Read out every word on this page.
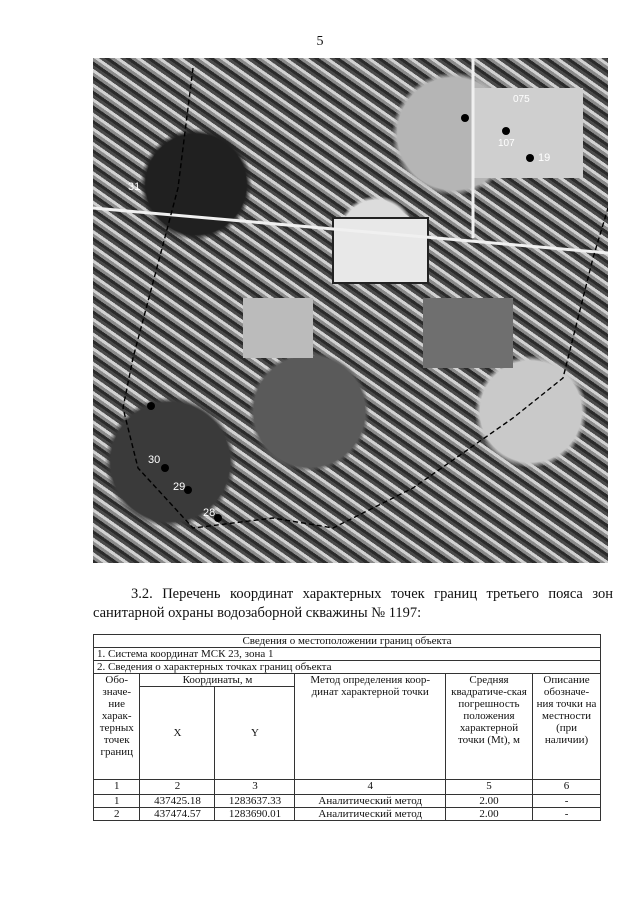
5
31
30
29
28
075
19
107
3.2. Перечень координат характерных точек границ третьего пояса зон санитарной охраны водозаборной скважины № 1197:
Сведения о местоположении границ объекта					
1. Система координат МСК 23, зона 1					
2. Сведения о характерных точках границ объекта					
Обо-значе-ние харак-терных точек границ	Координаты, м		Метод определения коор-динат характерной точки	Средняя квадратиче-ская погрешность положения характерной точки (Mt), м	Описание обозначе-ния точки на местности (при наличии)
	X	Y			
1	2	3	4	5	6
1	437425.18	1283637.33	Аналитический метод	2.00	-
2	437474.57	1283690.01	Аналитический метод	2.00	-
